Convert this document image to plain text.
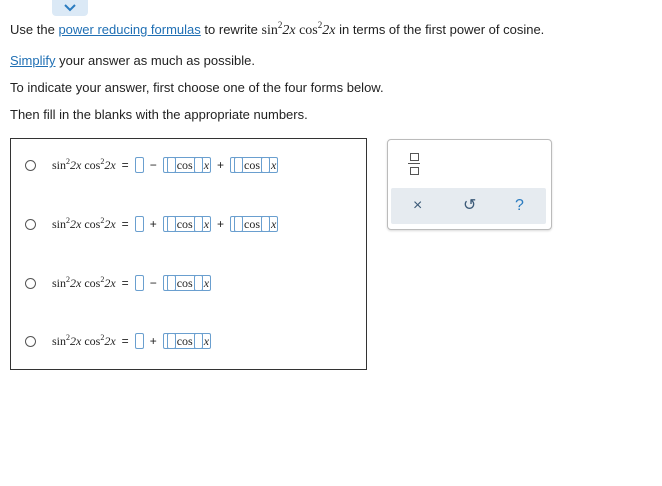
Use the power reducing formulas to rewrite $\sin^22x$ $\cos^22x$ in terms of the first power of cosine.
Simplify your answer as much as possible.
To indicate your answer, first choose one of the four forms below.
Then fill in the blanks with the appropriate numbers.
$\sin^2 2x$
$\cos^2 2x$ = − cos x + cos x
$\sin^2 2x$
$\cos^2 2x$ = + cos x + cos x
$\sin^2 2x$
$\cos^2 2x$ = − cos x
$\sin^2 2x$
$\cos^2 2x$ = + cos x
×	↺ ?
